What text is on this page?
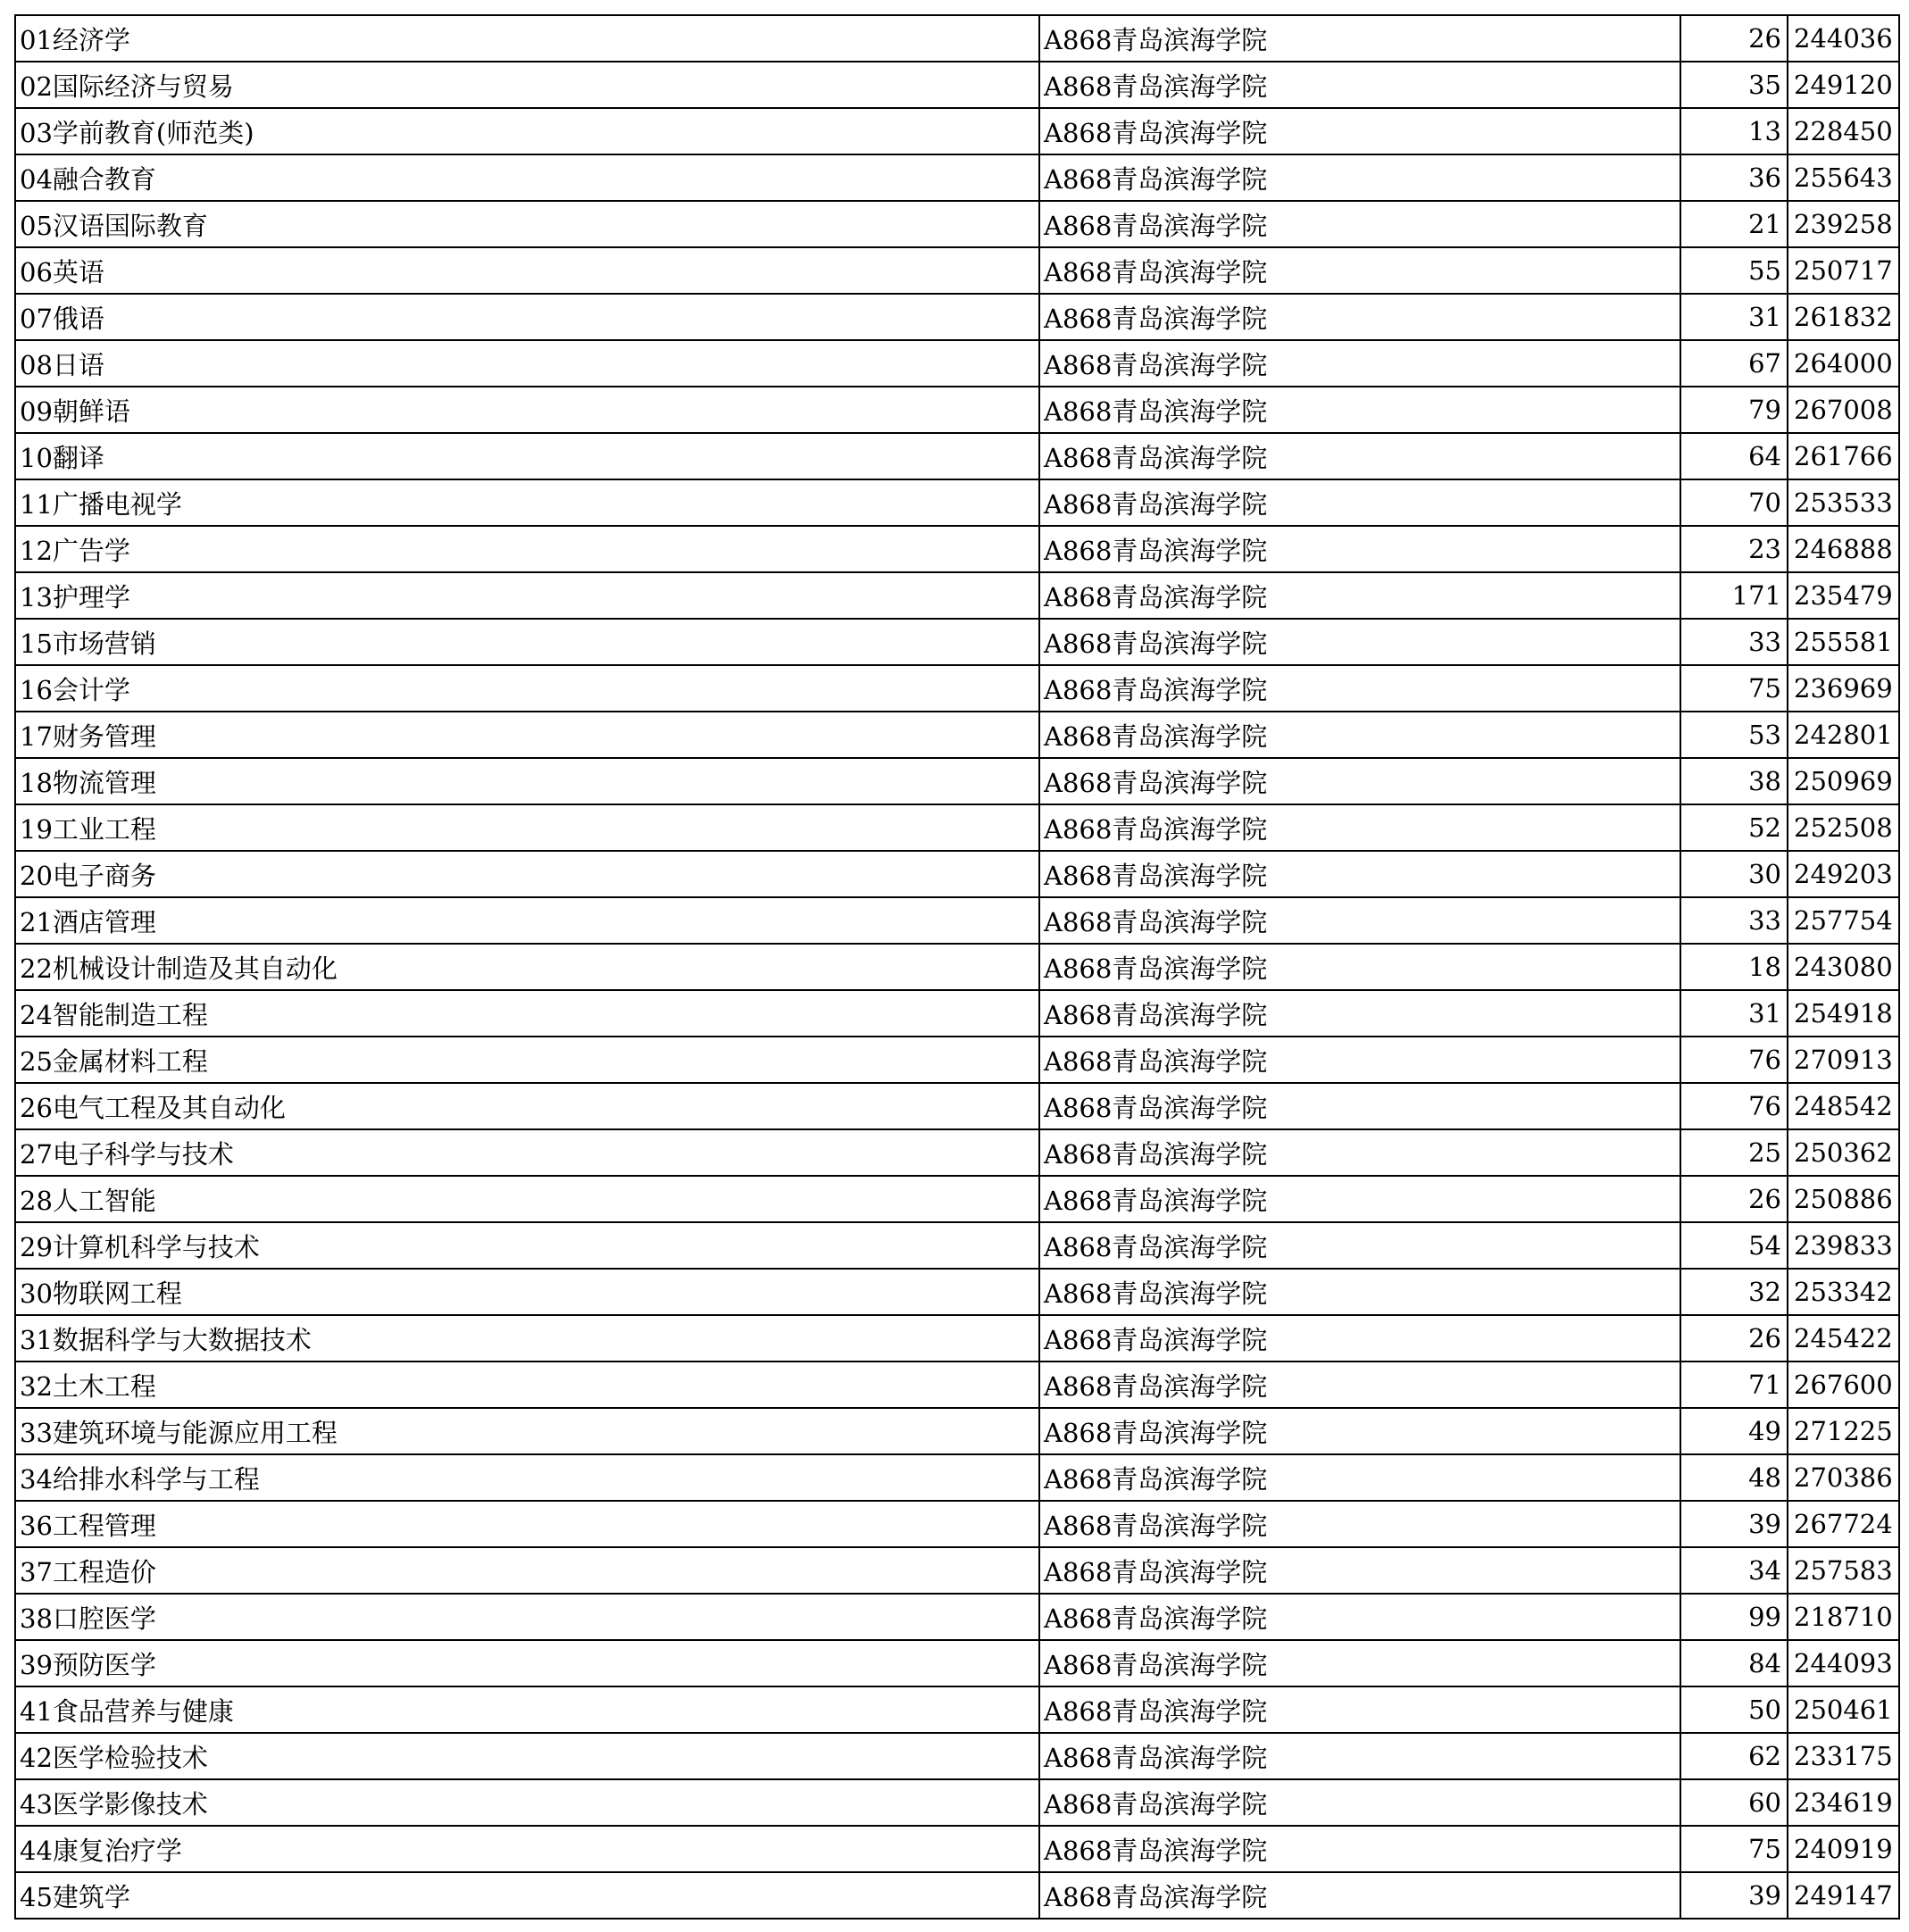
01经济学	A868青岛滨海学院	26	244036
02国际经济与贸易	A868青岛滨海学院	35	249120
03学前教育(师范类)	A868青岛滨海学院	13	228450
04融合教育	A868青岛滨海学院	36	255643
05汉语国际教育	A868青岛滨海学院	21	239258
06英语	A868青岛滨海学院	55	250717
07俄语	A868青岛滨海学院	31	261832
08日语	A868青岛滨海学院	67	264000
09朝鲜语	A868青岛滨海学院	79	267008
10翻译	A868青岛滨海学院	64	261766
11广播电视学	A868青岛滨海学院	70	253533
12广告学	A868青岛滨海学院	23	246888
13护理学	A868青岛滨海学院	171	235479
15市场营销	A868青岛滨海学院	33	255581
16会计学	A868青岛滨海学院	75	236969
17财务管理	A868青岛滨海学院	53	242801
18物流管理	A868青岛滨海学院	38	250969
19工业工程	A868青岛滨海学院	52	252508
20电子商务	A868青岛滨海学院	30	249203
21酒店管理	A868青岛滨海学院	33	257754
22机械设计制造及其自动化	A868青岛滨海学院	18	243080
24智能制造工程	A868青岛滨海学院	31	254918
25金属材料工程	A868青岛滨海学院	76	270913
26电气工程及其自动化	A868青岛滨海学院	76	248542
27电子科学与技术	A868青岛滨海学院	25	250362
28人工智能	A868青岛滨海学院	26	250886
29计算机科学与技术	A868青岛滨海学院	54	239833
30物联网工程	A868青岛滨海学院	32	253342
31数据科学与大数据技术	A868青岛滨海学院	26	245422
32土木工程	A868青岛滨海学院	71	267600
33建筑环境与能源应用工程	A868青岛滨海学院	49	271225
34给排水科学与工程	A868青岛滨海学院	48	270386
36工程管理	A868青岛滨海学院	39	267724
37工程造价	A868青岛滨海学院	34	257583
38口腔医学	A868青岛滨海学院	99	218710
39预防医学	A868青岛滨海学院	84	244093
41食品营养与健康	A868青岛滨海学院	50	250461
42医学检验技术	A868青岛滨海学院	62	233175
43医学影像技术	A868青岛滨海学院	60	234619
44康复治疗学	A868青岛滨海学院	75	240919
45建筑学	A868青岛滨海学院	39	249147
